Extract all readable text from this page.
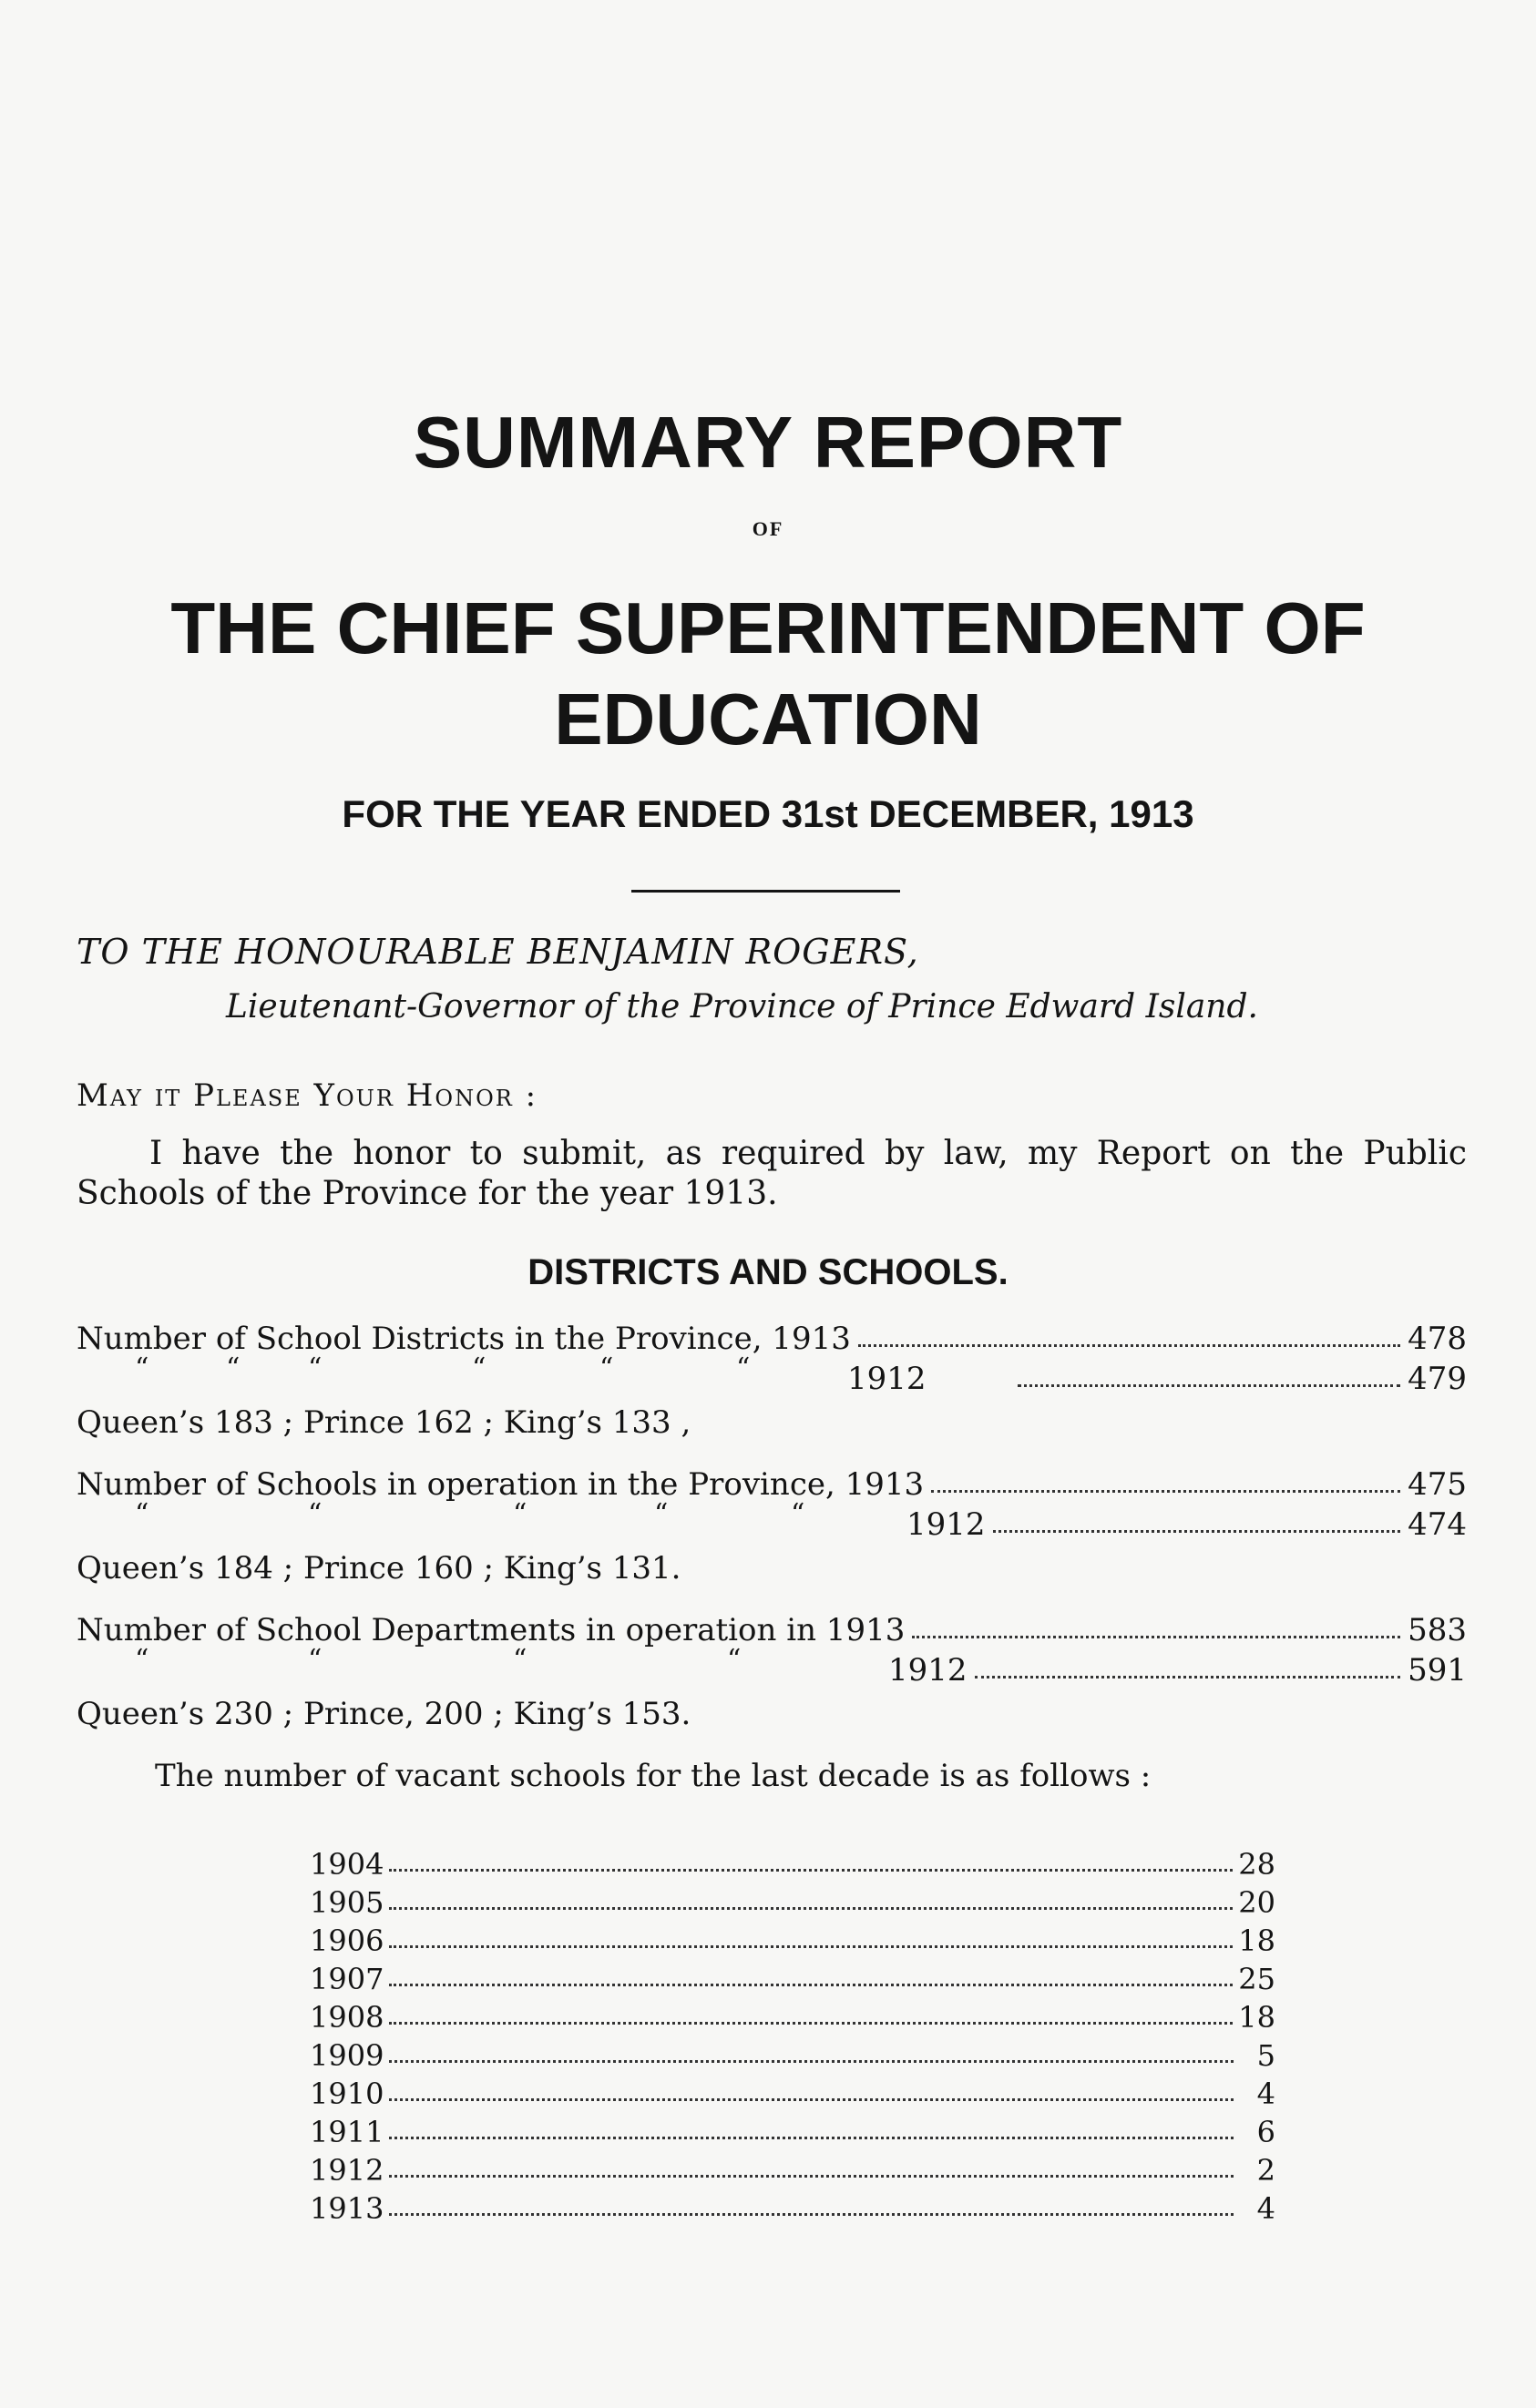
SUMMARY REPORT
OF
THE CHIEF SUPERINTENDENT OF
EDUCATION
FOR THE YEAR ENDED 31st DECEMBER, 1913
TO THE HONOURABLE BENJAMIN ROGERS,
Lieutenant-Governor of the Province of Prince Edward Island.
May it Please Your Honor :
I have the honor to submit, as required by law, my Report on the Public Schools of the Province for the year 1913.
DISTRICTS AND SCHOOLS.
Number of School Districts in the Province, 1913	478
“	“ “	“	“	“	1912	479
Queen’s 183 ; Prince 162 ; King’s 133 ,
Number of Schools in operation in the Province, 1913	475
“	“	“	“	“	1912	474
Queen’s 184 ; Prince 160 ; King’s 131.
Number of School Departments in operation in 1913	583
“	“	“	“	1912	591
Queen’s 230 ; Prince, 200 ; King’s 153.
The number of vacant schools for the last decade is as follows :
1904	28
1905	20
1906	18
1907	25
1908	18
1909	5
1910	4
1911	6
1912	2
1913	4
